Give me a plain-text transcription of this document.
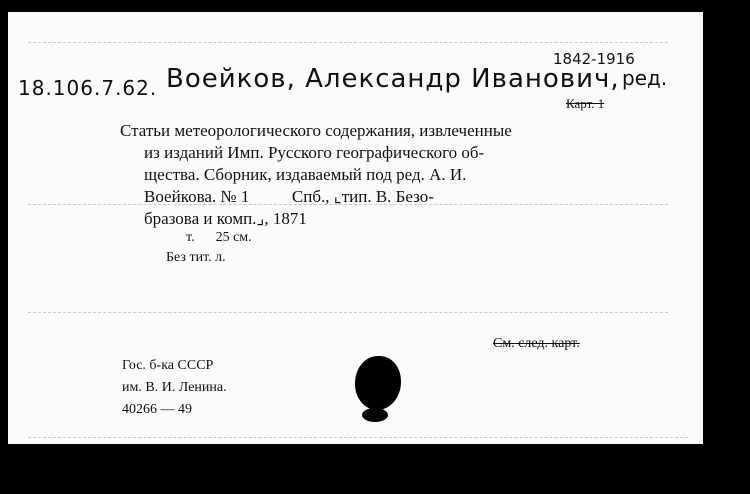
18.106.7.62. Воейков, Александр Иванович,
1842-1916
ред.
Карт. 1
Статьи метеорологического содержания, извлеченные
из изданий Имп. Русского географического об-
щества. Сборник, издаваемый под ред. А. И.
Воейкова. № 1          Спб., ⌞тип. В. Безо-
бразова и комп.⌟, 1871
т.      25 см.
Без тит. л.
См. след. карт.
Гос. б-ка СССР
им. В. И. Ленина.
40266 — 49
